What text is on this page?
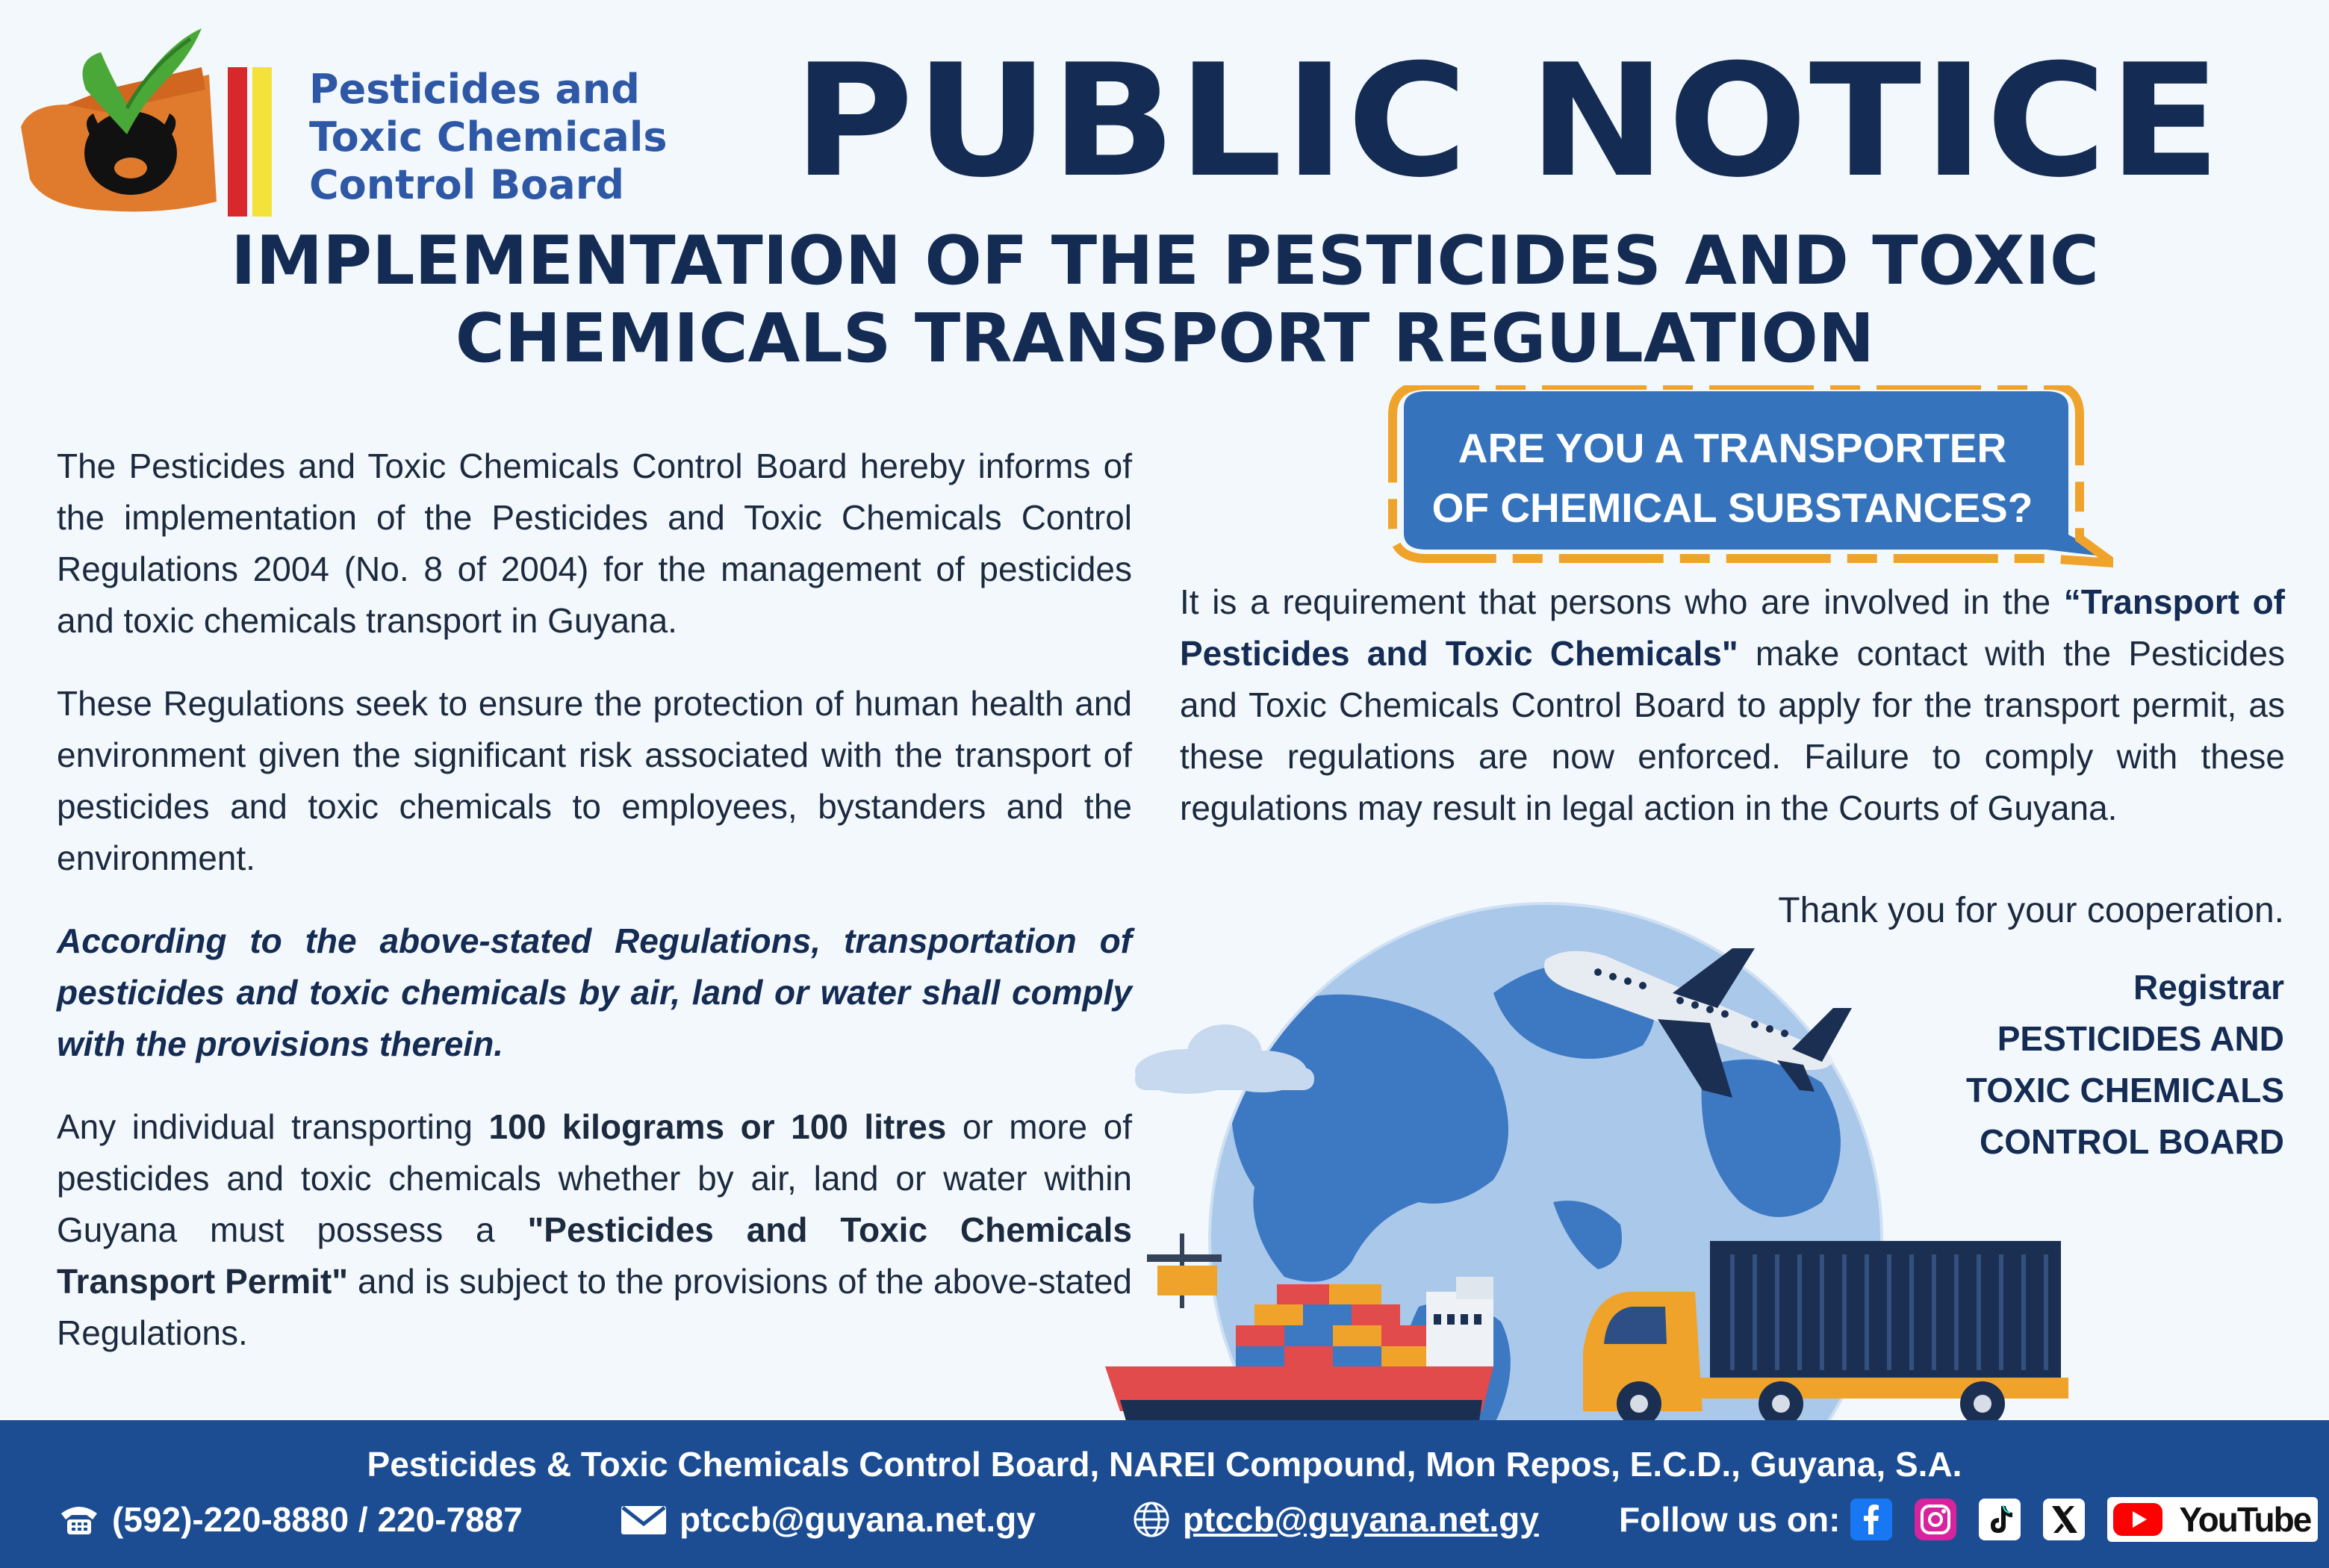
Pesticides and
Toxic Chemicals
Control Board	PUBLIC NOTICE
IMPLEMENTATION OF THE PESTICIDES AND TOXIC
CHEMICALS TRANSPORT REGULATION

The Pesticides and Toxic Chemicals Control Board hereby informs of the implementation of the Pesticides and Toxic Chemicals Control Regulations 2004 (No. 8 of 2004) for the management of pesticides and toxic chemicals transport in Guyana.

These Regulations seek to ensure the protection of human health and environment given the significant risk associated with the transport of pesticides and toxic chemicals to employees, bystanders and the environment.

According to the above-stated Regulations, transportation of pesticides and toxic chemicals by air, land or water shall comply with the provisions therein.

Any individual transporting 100 kilograms or 100 litres or more of pesticides and toxic chemicals whether by air, land or water within Guyana must possess a "Pesticides and Toxic Chemicals Transport Permit" and is subject to the provisions of the above-stated Regulations.

ARE YOU A TRANSPORTER
OF CHEMICAL SUBSTANCES?
It is a requirement that persons who are involved in the “Transport of Pesticides and Toxic Chemicals" make contact with the Pesticides and Toxic Chemicals Control Board to apply for the transport permit, as these regulations are now enforced. Failure to comply with these regulations may result in legal action in the Courts of Guyana.
Thank you for your cooperation.
Registrar
PESTICIDES AND
TOXIC CHEMICALS
CONTROL BOARD
Pesticides & Toxic Chemicals Control Board, NAREI Compound, Mon Repos, E.C.D., Guyana, S.A.
(592)-220-8880 / 220-7887	ptccb@guyana.net.gy	ptccb@guyana.net.gy Follow us on:	YouTube
